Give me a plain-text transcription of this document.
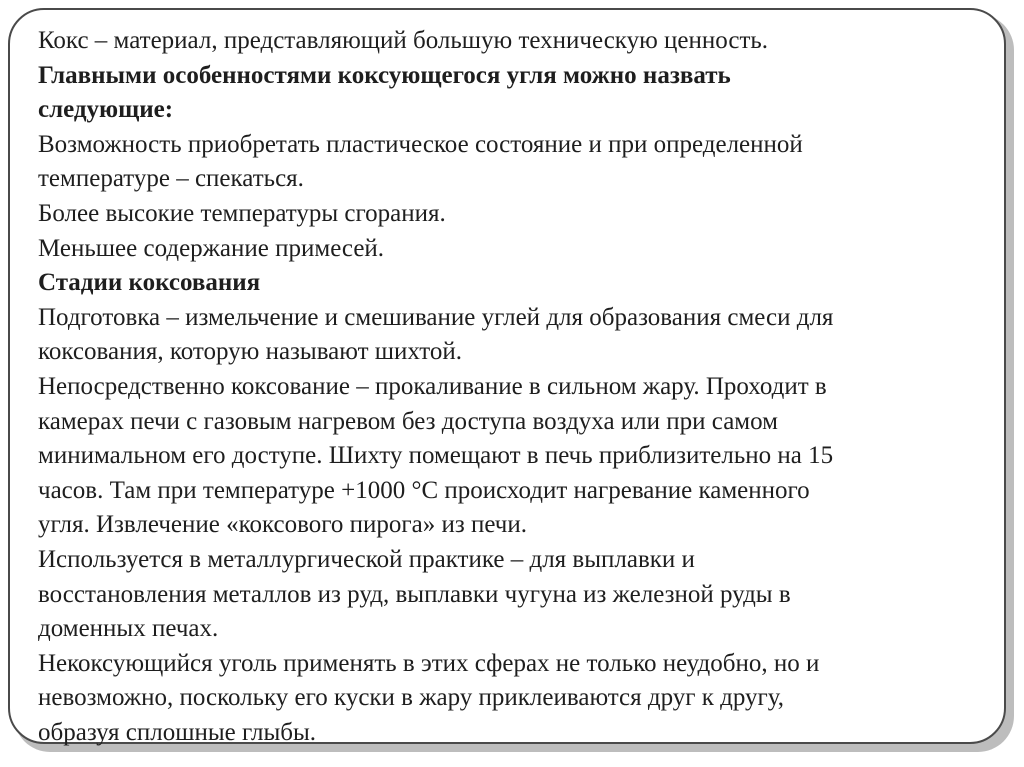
Кокс – материал, представляющий большую техническую ценность.
Главными особенностями коксующегося угля можно назвать
следующие:
Возможность приобретать пластическое состояние и при определенной
температуре – спекаться.
Более высокие температуры сгорания.
Меньшее содержание примесей.
Стадии коксования
Подготовка – измельчение и смешивание углей для образования смеси для
коксования, которую называют шихтой.
Непосредственно коксование – прокаливание в сильном жару. Проходит в
камерах печи с газовым нагревом без доступа воздуха или при самом
минимальном его доступе. Шихту помещают в печь приблизительно на 15
часов. Там при температуре +1000 °С происходит нагревание каменного
угля. Извлечение «коксового пирога» из печи.
Используется в металлургической практике – для выплавки и
восстановления металлов из руд, выплавки чугуна из железной руды в
доменных печах.
Некоксующийся уголь применять в этих сферах не только неудобно, но и
невозможно, поскольку его куски в жару приклеиваются друг к другу,
образуя сплошные глыбы.
